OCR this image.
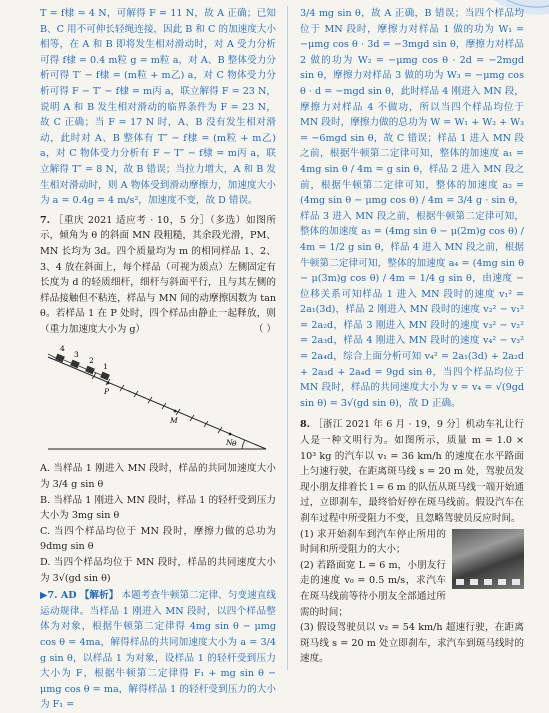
T = f棣 = 4 N，可解得 F = 11 N，故 A 正确；已知 B、C 用不可伸长轻绳连接，因此 B 和 C 的加速度大小相等，在 A 和 B 即将发生相对滑动时，对 A 受力分析可得 f棣 = 0.4 m粒 g = m粒 a，对 A、B 整体受力分析可得 T′ − f棣 = (m粒 + m乙) a，对 C 物体受力分析可得 F − T′ − f棣 = m丙 a，联立解得 F = 23 N，说明 A 和 B 发生相对滑动的临界条件为 F = 23 N，故 C 正确；当 F = 17 N 时，A、B 没有发生相对滑动，此时对 A、B 整体有 T″ − f棣 = (m粒 + m乙) a，对 C 物体受力分析有 F − T″ − f棣 = m丙 a，联立解得 T″ = 8 N，故 B 错误；当拉力增大，A 和 B 发生相对滑动时，则 A 物体受到滑动摩擦力，加速度大小为 a = 0.4g = 4 m/s²，加速度不变，故 D 错误。

7. ［重庆 2021 适应考 · 10，5 分］（多选）如图所示，倾角为 θ 的斜面 MN 段粗糙，其余段光滑，PM、MN 长均为 3d。四个质量均为 m 的相同样品 1、2、3、4 放在斜面上，每个样品（可视为质点）左侧固定有长度为 d 的轻质细杆，细杆与斜面平行，且与其左侧的样品接触但不粘连，样品与 MN 间的动摩擦因数为 tan θ。若样品 1 在 P 处时，四个样品由静止一起释放，则（重力加速度大小为 g）	（ ）

4
3
2
1
P
M
N θ

A. 当样品 1 刚进入 MN 段时，样品的共同加速度大小为 3/4 g sin θ

B. 当样品 1 刚进入 MN 段时，样品 1 的轻杆受到压力大小为 3mg sin θ

C. 当四个样品均位于 MN 段时，摩擦力做的总功为 9dmg sin θ

D. 当四个样品均位于 MN 段时，样品的共同速度大小为 3√(gd sin θ)

▶7. AD 【解析】 本题考查牛顿第二定律、匀变速直线运动规律。当样品 1 刚进入 MN 段时，以四个样品整体为对象，根据牛顿第二定律得 4mg sin θ − μmg cos θ = 4ma，解得样品的共同加速度大小为 a = 3/4 g sin θ，以样品 1 为对象，设样品 1 的轻杆受到压力大小为 F，根据牛顿第二定律得 F₁ + mg sin θ − μmg cos θ = ma，解得样品 1 的轻杆受到压力的大小为 F₁ =

3/4 mg sin θ，故 A 正确，B 错误；当四个样品均位于 MN 段时，摩擦力对样品 1 做的功为 W₁ = −μmg cos θ · 3d = −3mgd sin θ，摩擦力对样品 2 做的功为 W₂ = −μmg cos θ · 2d = −2mgd sin θ，摩擦力对样品 3 做的功为 W₃ = −μmg cos θ · d = −mgd sin θ，此时样品 4 刚进入 MN 段，摩擦力对样品 4 不做功，所以当四个样品均位于 MN 段时，摩擦力做的总功为 W = W₁ + W₂ + W₃ = −6mgd sin θ，故 C 错误；样品 1 进入 MN 段之前，根据牛顿第二定律可知，整体的加速度 a₁ = 4mg sin θ / 4m = g sin θ，样品 2 进入 MN 段之前，根据牛顿第二定律可知，整体的加速度 a₂ = (4mg sin θ − μmg cos θ) / 4m = 3/4 g · sin θ，样品 3 进入 MN 段之前，根据牛顿第二定律可知，整体的加速度 a₃ = (4mg sin θ − μ(2m)g cos θ) / 4m = 1/2 g sin θ，样品 4 进入 MN 段之前，根据牛顿第二定律可知，整体的加速度 a₄ = (4mg sin θ − μ(3m)g cos θ) / 4m = 1/4 g sin θ，由速度 − 位移关系可知样品 1 进入 MN 段时的速度 v₁² = 2a₁(3d)，样品 2 刚进入 MN 段时的速度 v₂² − v₁² = 2a₂d，样品 3 刚进入 MN 段时的速度 v₃² − v₂² = 2a₃d，样品 4 刚进入 MN 段时的速度 v₄² − v₃² = 2a₄d，综合上面分析可知 v₄² = 2a₁(3d) + 2a₂d + 2a₃d + 2a₄d = 9gd sin θ，当四个样品均位于 MN 段时，样品的共同速度大小为 v = v₄ = √(9gd sin θ) = 3√(gd sin θ)，故 D 正确。

8. ［浙江 2021 年 6 月 · 19，9 分］机动车礼让行人是一种文明行为。如图所示，质量 m = 1.0 × 10³ kg 的汽车以 v₁ = 36 km/h 的速度在水平路面上匀速行驶，在距离斑马线 s = 20 m 处，驾驶员发现小朋友排着长 l = 6 m 的队伍从斑马线一端开始通过，立即刹车，最终恰好停在斑马线前。假设汽车在刹车过程中所受阻力不变，且忽略驾驶员反应时间。

(1) 求开始刹车到汽车停止所用的时间和所受阻力的大小；

(2) 若路面宽 L = 6 m，小朋友行走的速度 v₀ = 0.5 m/s，求汽车在斑马线前等待小朋友全部通过所需的时间；

(3) 假设驾驶员以 v₂ = 54 km/h 超速行驶，在距离斑马线 s = 20 m 处立即刹车，求汽车到斑马线时的速度。
